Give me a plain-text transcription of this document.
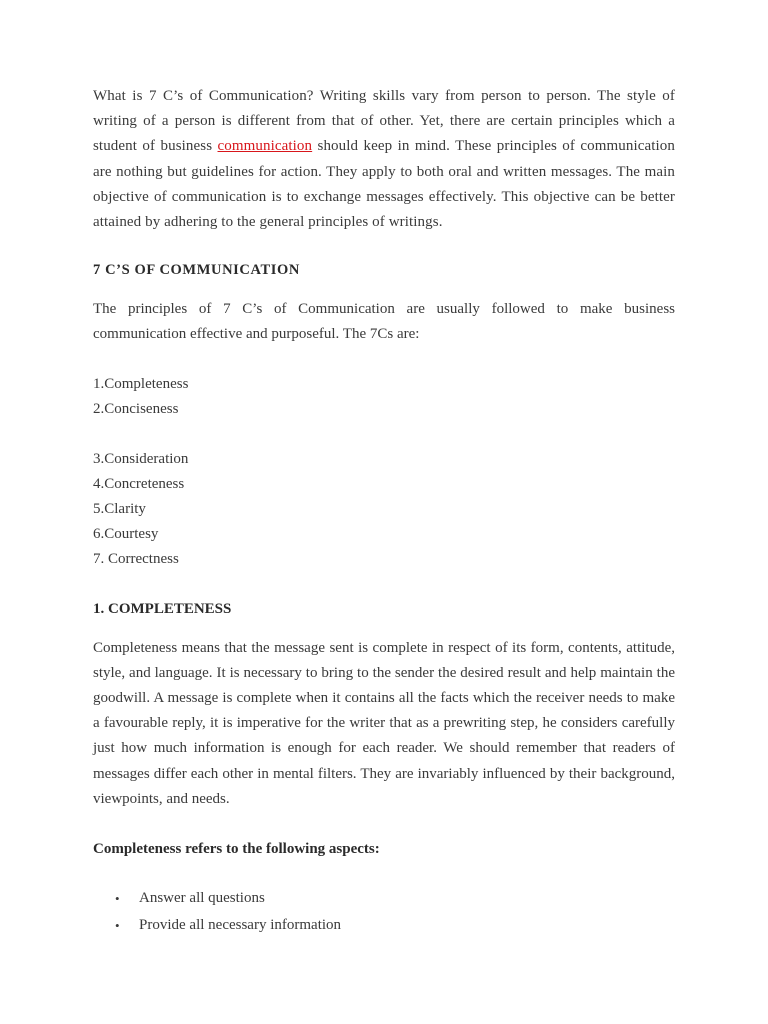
What is 7 C’s of Communication? Writing skills vary from person to person. The style of writing of a person is different from that of other. Yet, there are certain principles which a student of business communication should keep in mind. These principles of communication are nothing but guidelines for action. They apply to both oral and written messages. The main objective of communication is to exchange messages effectively. This objective can be better attained by adhering to the general principles of writings.

7 C’S OF COMMUNICATION

The principles of 7 C’s of Communication are usually followed to make business communication effective and purposeful. The 7Cs are:

1.Completeness
2.Conciseness
3.Consideration
4.Concreteness
5.Clarity
6.Courtesy
7. Correctness
1. COMPLETENESS

Completeness means that the message sent is complete in respect of its form, contents, attitude, style, and language. It is necessary to bring to the sender the desired result and help maintain the goodwill. A message is complete when it contains all the facts which the receiver needs to make a favourable reply, it is imperative for the writer that as a prewriting step, he considers carefully just how much information is enough for each reader. We should remember that readers of messages differ each other in mental filters. They are invariably influenced by their background, viewpoints, and needs.

Completeness refers to the following aspects:
• Answer all questions
• Provide all necessary information
